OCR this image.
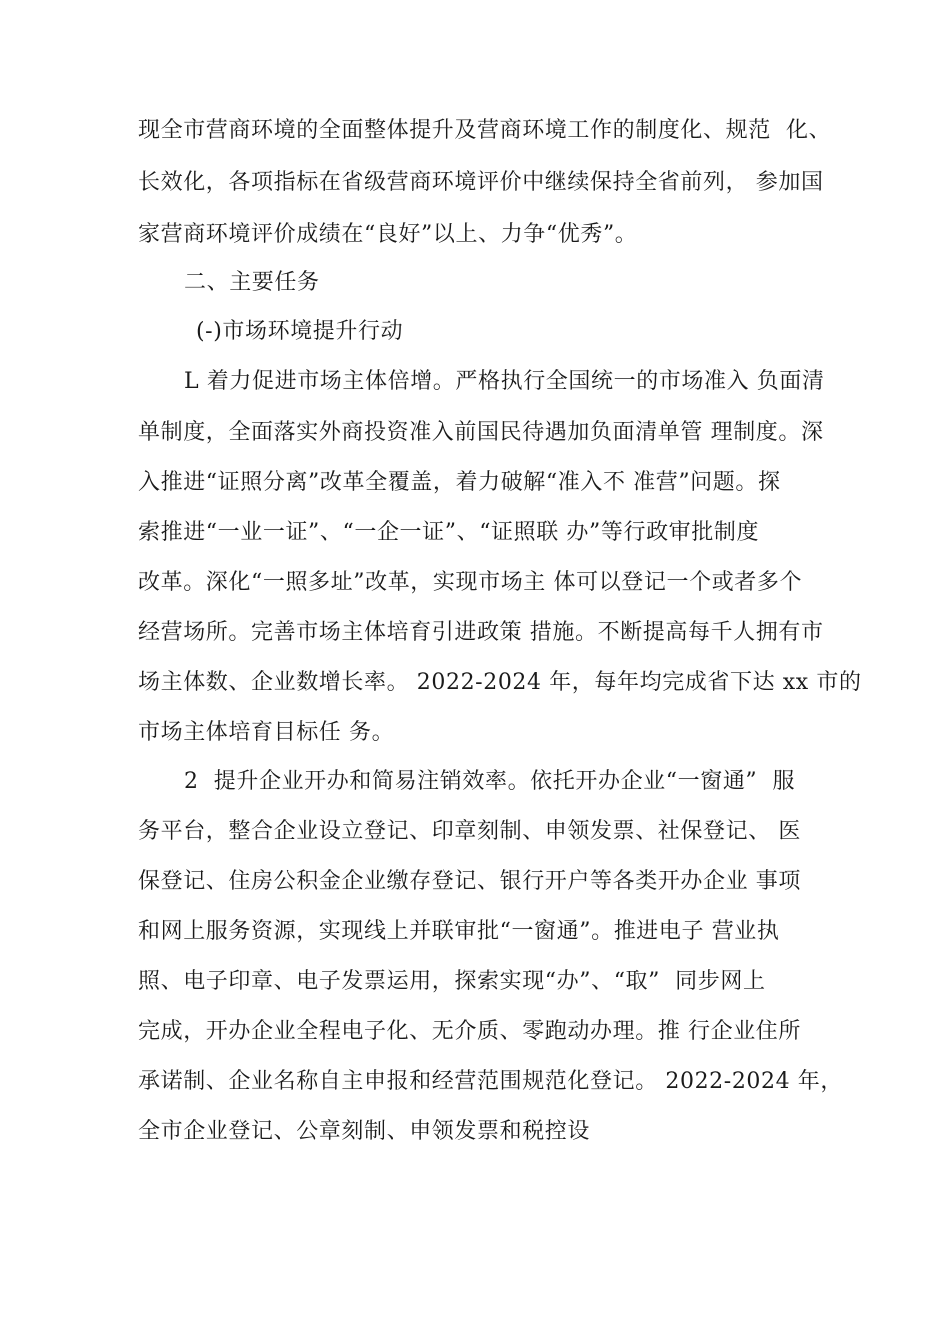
现全市营商环境的全面整体提升及营商环境工作的制度化、规范  化、
长效化，各项指标在省级营商环境评价中继续保持全省前列， 参加国
家营商环境评价成绩在“良好”以上、力争“优秀”。
二、主要任务
(-)市场环境提升行动
L 着力促进市场主体倍增。严格执行全国统一的市场准入 负面清
单制度，全面落实外商投资准入前国民待遇加负面清单管 理制度。深
入推进“证照分离”改革全覆盖，着力破解“准入不 准营”问题。探
索推进“一业一证”、“一企一证”、“证照联 办”等行政审批制度
改革。深化“一照多址”改革，实现市场主 体可以登记一个或者多个
经营场所。完善市场主体培育引进政策 措施。不断提高每千人拥有市
场主体数、企业数增长率。 2022-2024 年，每年均完成省下达 xx 市的
市场主体培育目标任 务。
2  提升企业开办和简易注销效率。依托开办企业“一窗通”  服
务平台，整合企业设立登记、印章刻制、申领发票、社保登记、 医
保登记、住房公积金企业缴存登记、银行开户等各类开办企业 事项
和网上服务资源，实现线上并联审批“一窗通”。推进电子 营业执
照、电子印章、电子发票运用，探索实现“办”、“取”  同步网上
完成，开办企业全程电子化、无介质、零跑动办理。推 行企业住所
承诺制、企业名称自主申报和经营范围规范化登记。 2022-2024 年，
全市企业登记、公章刻制、申领发票和税控设
